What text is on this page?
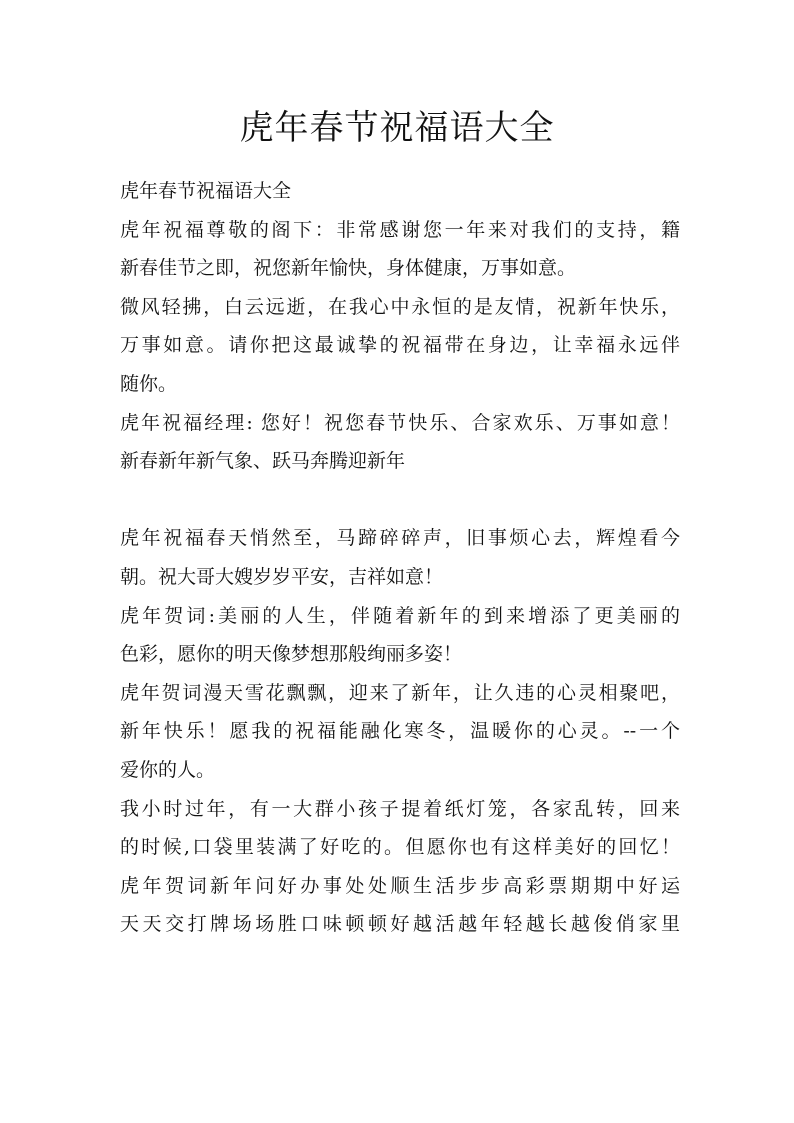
虎年春节祝福语大全
虎年春节祝福语大全
虎年祝福尊敬的阁下：非常感谢您一年来对我们的支持，籍
新春佳节之即，祝您新年愉快，身体健康，万事如意。
微风轻拂，白云远逝，在我心中永恒的是友情，祝新年快乐，
万事如意。请你把这最诚挚的祝福带在身边，让幸福永远伴
随你。
虎年祝福经理: 您好！祝您春节快乐、合家欢乐、万事如意！
新春新年新气象、跃马奔腾迎新年
虎年祝福春天悄然至，马蹄碎碎声，旧事烦心去，辉煌看今
朝。祝大哥大嫂岁岁平安，吉祥如意！
虎年贺词:美丽的人生，伴随着新年的到来增添了更美丽的
色彩，愿你的明天像梦想那般绚丽多姿！
虎年贺词漫天雪花飘飘，迎来了新年，让久违的心灵相聚吧，
新年快乐！愿我的祝福能融化寒冬，温暖你的心灵。--一个
爱你的人。
我小时过年，有一大群小孩子提着纸灯笼，各家乱转，回来
的时候,口袋里装满了好吃的。但愿你也有这样美好的回忆！
虎年贺词新年问好办事处处顺生活步步高彩票期期中好运
天天交打牌场场胜口味顿顿好越活越年轻越长越俊俏家里
